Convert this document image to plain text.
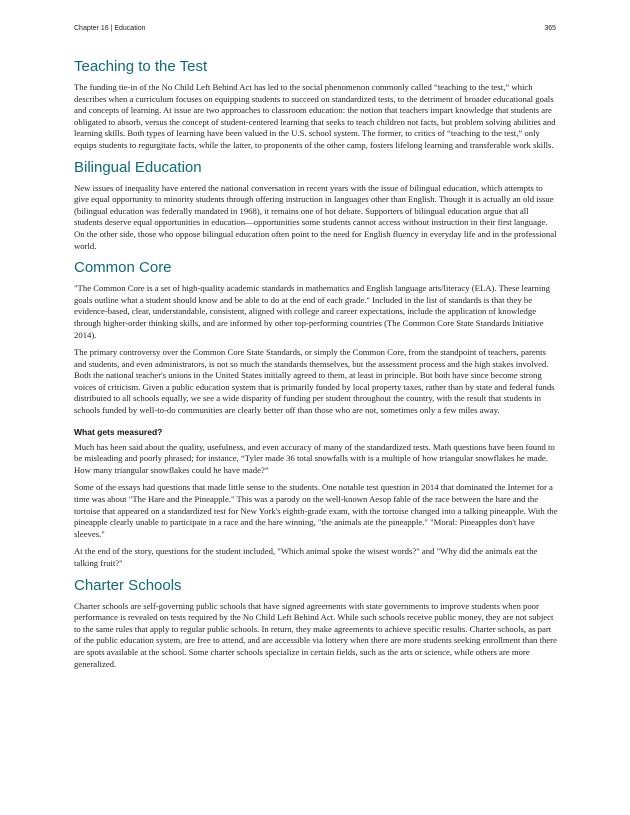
Chapter 16 | Education	365
Teaching to the Test

The funding tie-in of the No Child Left Behind Act has led to the social phenomenon commonly called “teaching to the test,” which describes when a curriculum focuses on equipping students to succeed on standardized tests, to the detriment of broader educational goals and concepts of learning. At issue are two approaches to classroom education: the notion that teachers impart knowledge that students are obligated to absorb, versus the concept of student-centered learning that seeks to teach children not facts, but problem solving abilities and learning skills. Both types of learning have been valued in the U.S. school system. The former, to critics of “teaching to the test,” only equips students to regurgitate facts, while the latter, to proponents of the other camp, fosters lifelong learning and transferable work skills.

Bilingual Education

New issues of inequality have entered the national conversation in recent years with the issue of bilingual education, which attempts to give equal opportunity to minority students through offering instruction in languages other than English. Though it is actually an old issue (bilingual education was federally mandated in 1968), it remains one of hot debate. Supporters of bilingual education argue that all students deserve equal opportunities in education—opportunities some students cannot access without instruction in their first language. On the other side, those who oppose bilingual education often point to the need for English fluency in everyday life and in the professional world.

Common Core

"The Common Core is a set of high-quality academic standards in mathematics and English language arts/literacy (ELA). These learning goals outline what a student should know and be able to do at the end of each grade." Included in the list of standards is that they be evidence-based, clear, understandable, consistent, aligned with college and career expectations, include the application of knowledge through higher-order thinking skills, and are informed by other top-performing countries (The Common Core State Standards Initiative 2014).

The primary controversy over the Common Core State Standards, or simply the Common Core, from the standpoint of teachers, parents and students, and even administrators, is not so much the standards themselves, but the assessment process and the high stakes involved. Both the national teacher's unions in the United States initially agreed to them, at least in principle. But both have since become strong voices of criticism. Given a public education system that is primarily funded by local property taxes, rather than by state and federal funds distributed to all schools equally, we see a wide disparity of funding per student throughout the country, with the result that students in schools funded by well-to-do communities are clearly better off than those who are not, sometimes only a few miles away.

What gets measured?

Much has been said about the quality, usefulness, and even accuracy of many of the standardized tests. Math questions have been found to be misleading and poorly phrased; for instance, “Tyler made 36 total snowfalls with is a multiple of how triangular snowflakes he made. How many triangular snowflakes could he have made?”

Some of the essays had questions that made little sense to the students. One notable test question in 2014 that dominated the Internet for a time was about "The Hare and the Pineapple." This was a parody on the well-known Aesop fable of the race between the hare and the tortoise that appeared on a standardized test for New York's eighth-grade exam, with the tortoise changed into a talking pineapple. With the pineapple clearly unable to participate in a race and the hare winning, "the animals ate the pineapple." "Moral: Pineapples don't have sleeves."

At the end of the story, questions for the student included, "Which animal spoke the wisest words?" and "Why did the animals eat the talking fruit?"

Charter Schools

Charter schools are self-governing public schools that have signed agreements with state governments to improve students when poor performance is revealed on tests required by the No Child Left Behind Act. While such schools receive public money, they are not subject to the same rules that apply to regular public schools. In return, they make agreements to achieve specific results. Charter schools, as part of the public education system, are free to attend, and are accessible via lottery when there are more students seeking enrollment than there are spots available at the school. Some charter schools specialize in certain fields, such as the arts or science, while others are more generalized.
